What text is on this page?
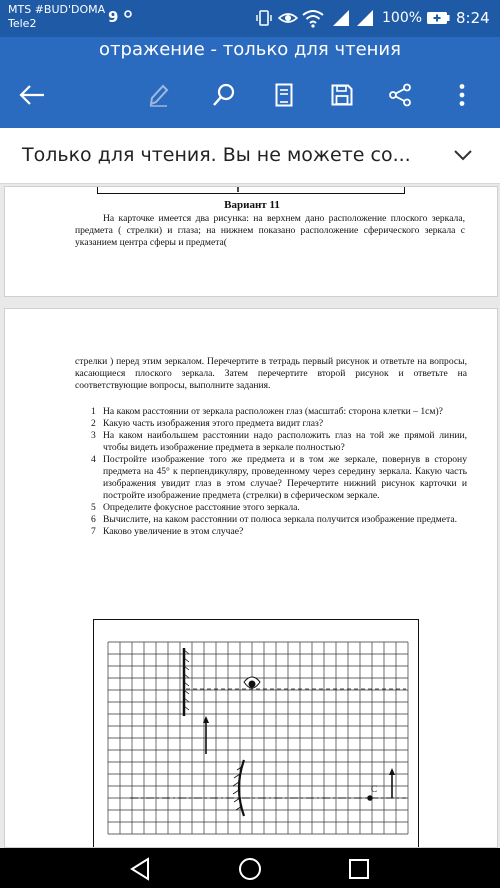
MTS #BUD'DOMA
Tele2	9	100% 8:24
отражение - только для чтения
Только для чтения. Вы не можете со...
Вариант 11
На карточке имеется два рисунка: на верхнем дано расположение плоского зеркала, предмета ( стрелки) и глаза; на нижнем показано расположение сферического зеркала с указанием центра сферы и предмета(
стрелки ) перед этим зеркалом. Перечертите в тетрадь первый рисунок и ответьте на вопросы, касающиеся плоского зеркала. Затем перечертите второй рисунок и ответьте на соответствующие вопросы, выполните задания.
1 На каком расстоянии от зеркала расположен глаз (масштаб: сторона клетки – 1см)?
2 Какую часть изображения этого предмета видит глаз?
3 На каком наибольшем расстоянии надо расположить глаз на той же прямой линии, чтобы видеть изображение предмета в зеркале полностью?
4 Постройте изображение того же предмета и в том же зеркале, повернув в сторону предмета на 45° к перпендикуляру, проведенному через середину зеркала. Какую часть изображения увидит глаз в этом случае? Перечертите нижний рисунок карточки и постройте изображение предмета (стрелки) в сферическом зеркале.
5 Определите фокусное расстояние этого зеркала.
6 Вычислите, на каком расстоянии от полюса зеркала получится изображение предмета.
7 Каково увеличение в этом случае?
C
